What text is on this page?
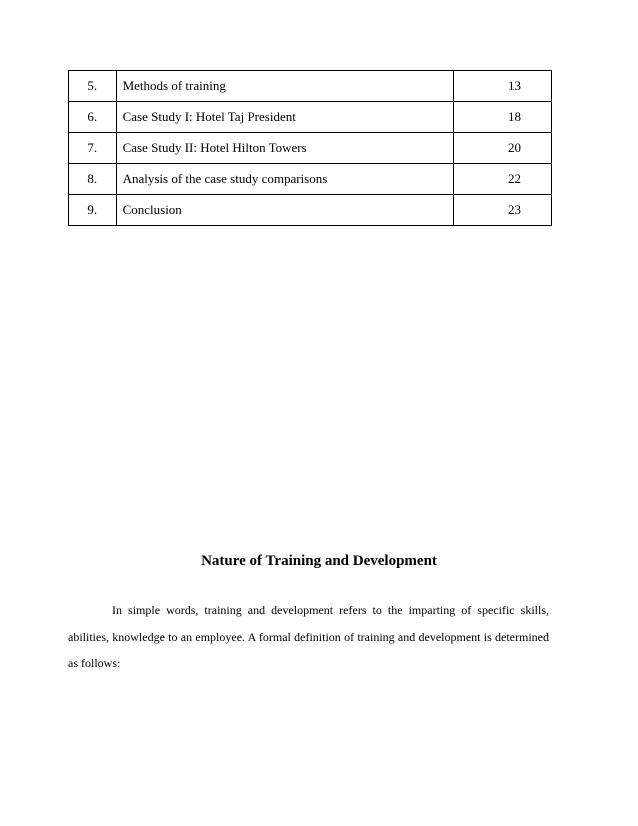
5.	Methods of training	13
6.	Case Study I: Hotel Taj President	18
7.	Case Study II: Hotel Hilton Towers	20
8.	Analysis of the case study comparisons	22
9.	Conclusion	23
Nature of Training and Development

In simple words, training and development refers to the imparting of specific skills, abilities, knowledge to an employee. A formal definition of training and development is determined as follows:
